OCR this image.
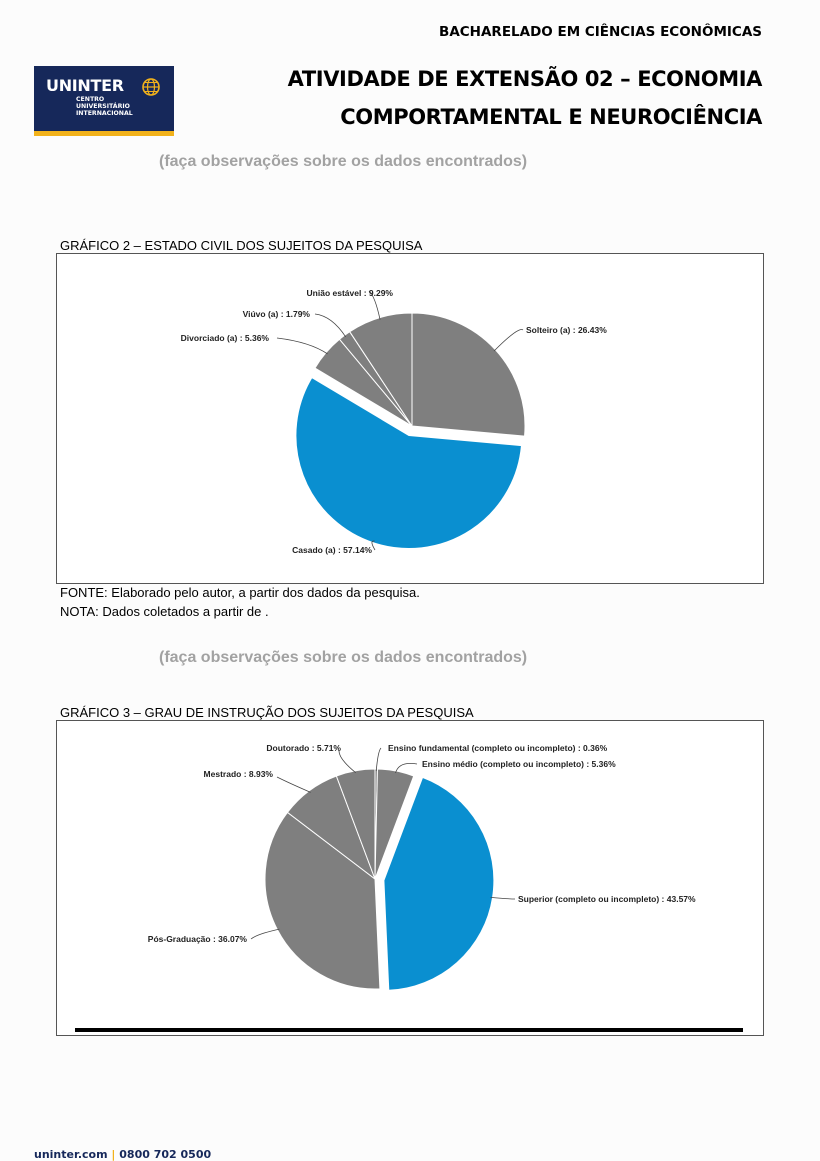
BACHARELADO EM CIÊNCIAS ECONÔMICAS
UNINTER
CENTRO
UNIVERSITÁRIO
INTERNACIONAL
ATIVIDADE DE EXTENSÃO 02 – ECONOMIA
COMPORTAMENTAL E NEUROCIÊNCIA
(faça observações sobre os dados encontrados)
GRÁFICO 2 – ESTADO CIVIL DOS SUJEITOS DA PESQUISA
Solteiro (a) : 26.43%
Casado (a) : 57.14%
Divorciado (a) : 5.36%
Viúvo (a) : 1.79%
União estável : 9.29%
FONTE: Elaborado pelo autor, a partir dos dados da pesquisa.
NOTA: Dados coletados a partir de .
(faça observações sobre os dados encontrados)
GRÁFICO 3 – GRAU DE INSTRUÇÃO DOS SUJEITOS DA PESQUISA
Ensino fundamental (completo ou incompleto) : 0.36%
Ensino médio (completo ou incompleto) : 5.36%
Superior (completo ou incompleto) : 43.57%
Pós-Graduação : 36.07%
Mestrado : 8.93%
Doutorado : 5.71%
uninter.com | 0800 702 0500
